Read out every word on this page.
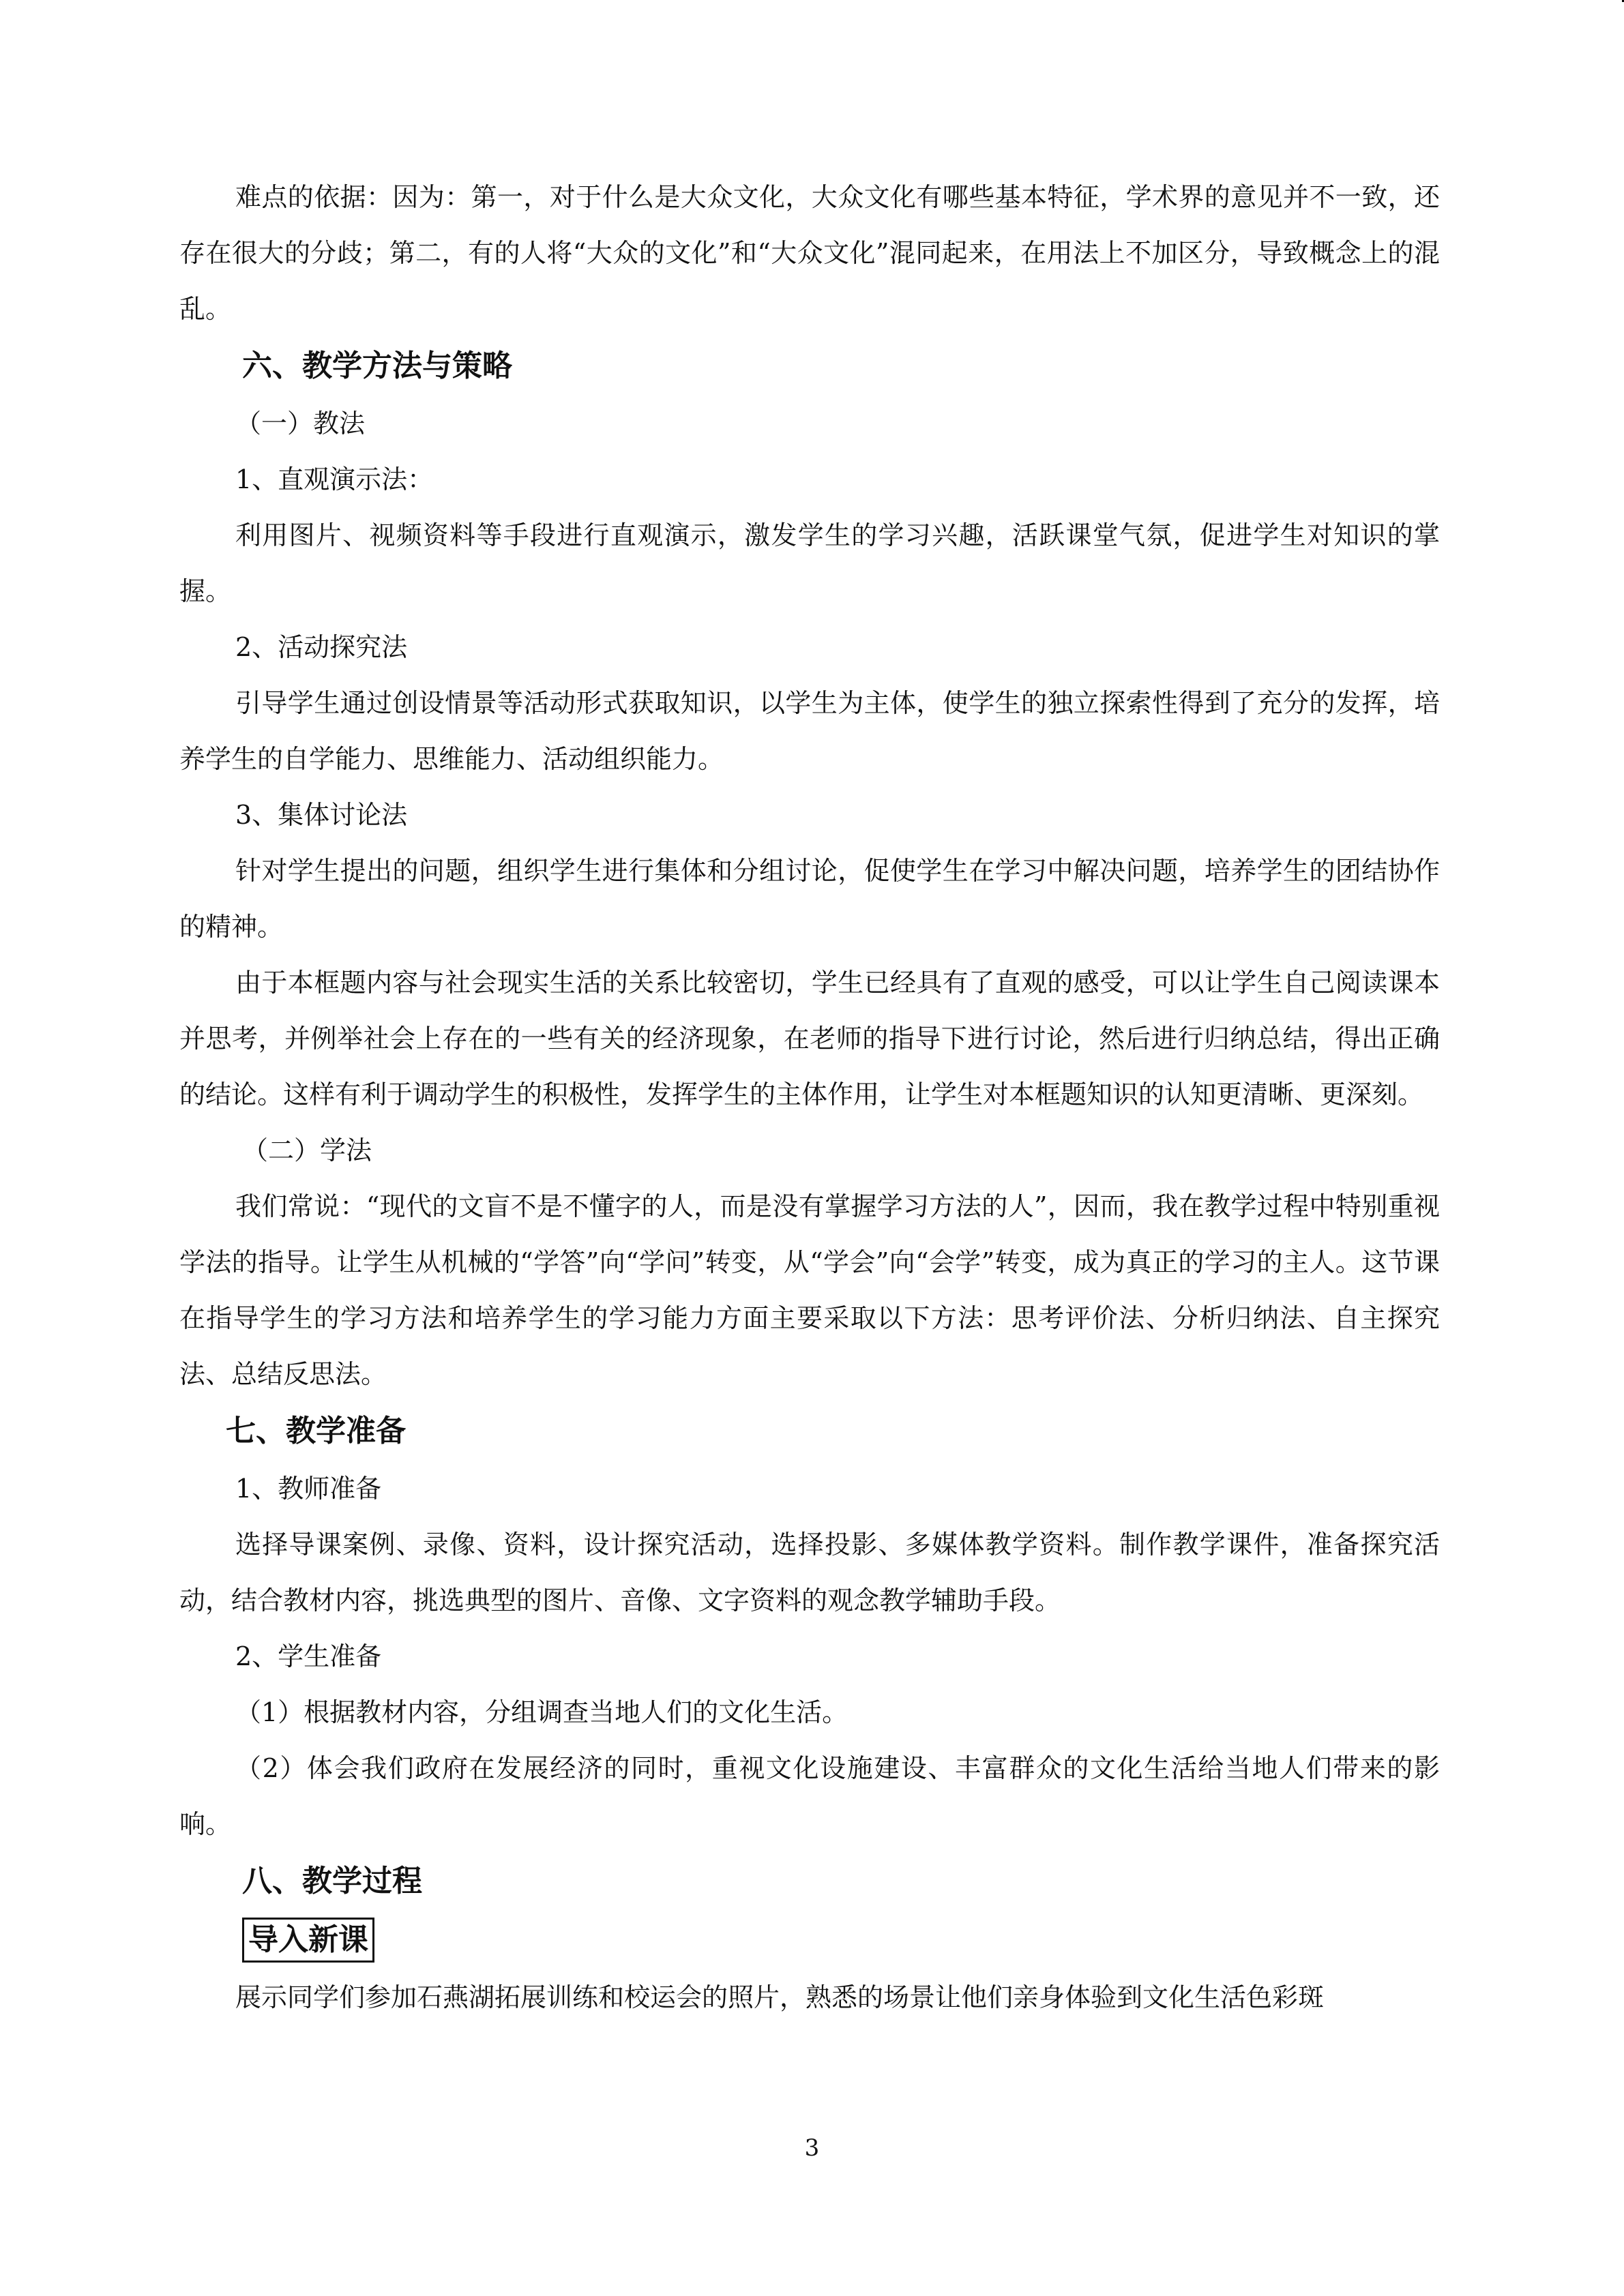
难点的依据：因为：第一，对于什么是大众文化，大众文化有哪些基本特征，学术界的意见并不一致，还存在很大的分歧；第二，有的人将“大众的文化”和“大众文化”混同起来，在用法上不加区分，导致概念上的混乱。

六、教学方法与策略
（一）教法
1、直观演示法：

利用图片、视频资料等手段进行直观演示，激发学生的学习兴趣，活跃课堂气氛，促进学生对知识的掌握。

2、活动探究法

引导学生通过创设情景等活动形式获取知识，以学生为主体，使学生的独立探索性得到了充分的发挥，培养学生的自学能力、思维能力、活动组织能力。

3、集体讨论法

针对学生提出的问题，组织学生进行集体和分组讨论，促使学生在学习中解决问题，培养学生的团结协作的精神。

由于本框题内容与社会现实生活的关系比较密切，学生已经具有了直观的感受，可以让学生自己阅读课本并思考，并例举社会上存在的一些有关的经济现象，在老师的指导下进行讨论，然后进行归纳总结，得出正确的结论。这样有利于调动学生的积极性，发挥学生的主体作用，让学生对本框题知识的认知更清晰、更深刻。

（二）学法

我们常说：“现代的文盲不是不懂字的人，而是没有掌握学习方法的人”，因而，我在教学过程中特别重视学法的指导。让学生从机械的“学答”向“学问”转变，从“学会”向“会学”转变，成为真正的学习的主人。这节课在指导学生的学习方法和培养学生的学习能力方面主要采取以下方法：思考评价法、分析归纳法、自主探究法、总结反思法。

七、教学准备
1、教师准备

选择导课案例、录像、资料，设计探究活动，选择投影、多媒体教学资料。制作教学课件，准备探究活动，结合教材内容，挑选典型的图片、音像、文字资料的观念教学辅助手段。

2、学生准备
（1）根据教材内容，分组调查当地人们的文化生活。

（2）体会我们政府在发展经济的同时，重视文化设施建设、丰富群众的文化生活给当地人们带来的影响。

八、教学过程
导入新课
展示同学们参加石燕湖拓展训练和校运会的照片，熟悉的场景让他们亲身体验到文化生活色彩斑
3
